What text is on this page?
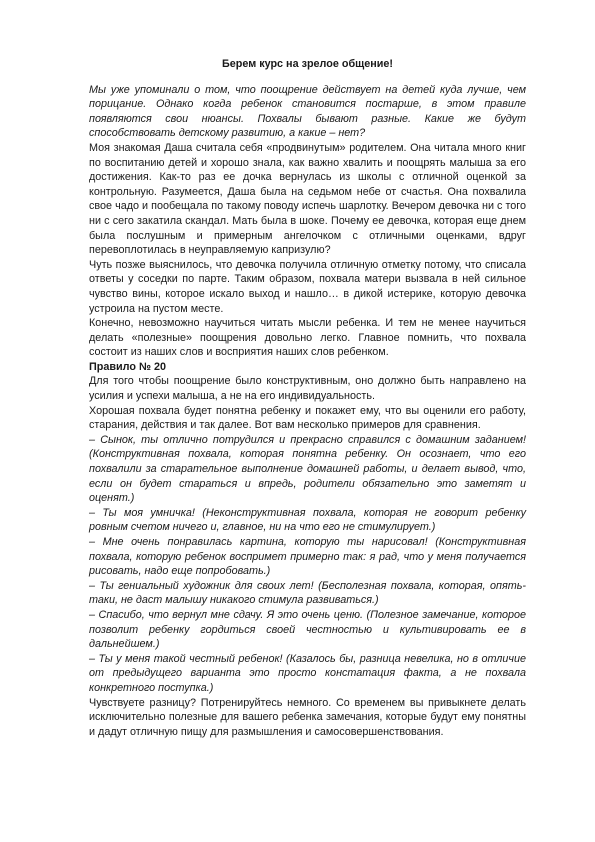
Берем курс на зрелое общение!

Мы уже упоминали о том, что поощрение действует на детей куда лучше, чем порицание. Однако когда ребенок становится постарше, в этом правиле появляются свои нюансы. Похвалы бывают разные. Какие же будут способствовать детскому развитию, а какие – нет?

Моя знакомая Даша считала себя «продвинутым» родителем. Она читала много книг по воспитанию детей и хорошо знала, как важно хвалить и поощрять малыша за его достижения. Как-то раз ее дочка вернулась из школы с отличной оценкой за контрольную. Разумеется, Даша была на седьмом небе от счастья. Она похвалила свое чадо и пообещала по такому поводу испечь шарлотку. Вечером девочка ни с того ни с сего закатила скандал. Мать была в шоке. Почему ее девочка, которая еще днем была послушным и примерным ангелочком с отличными оценками, вдруг перевоплотилась в неуправляемую капризулю?

Чуть позже выяснилось, что девочка получила отличную отметку потому, что списала ответы у соседки по парте. Таким образом, похвала матери вызвала в ней сильное чувство вины, которое искало выход и нашло… в дикой истерике, которую девочка устроила на пустом месте.

Конечно, невозможно научиться читать мысли ребенка. И тем не менее научиться делать «полезные» поощрения довольно легко. Главное помнить, что похвала состоит из наших слов и восприятия наших слов ребенком.

Правило № 20

Для того чтобы поощрение было конструктивным, оно должно быть направлено на усилия и успехи малыша, а не на его индивидуальность.

Хорошая похвала будет понятна ребенку и покажет ему, что вы оценили его работу, старания, действия и так далее. Вот вам несколько примеров для сравнения.

– Сынок, ты отлично потрудился и прекрасно справился с домашним заданием! (Конструктивная похвала, которая понятна ребенку. Он осознает, что его похвалили за старательное выполнение домашней работы, и делает вывод, что, если он будет стараться и впредь, родители обязательно это заметят и оценят.)

– Ты моя умничка! (Неконструктивная похвала, которая не говорит ребенку ровным счетом ничего и, главное, ни на что его не стимулирует.)

– Мне очень понравилась картина, которую ты нарисовал! (Конструктивная похвала, которую ребенок воспримет примерно так: я рад, что у меня получается рисовать, надо еще попробовать.)

– Ты гениальный художник для своих лет! (Бесполезная похвала, которая, опять-таки, не даст малышу никакого стимула развиваться.)

– Спасибо, что вернул мне сдачу. Я это очень ценю. (Полезное замечание, которое позволит ребенку гордиться своей честностью и культивировать ее в дальнейшем.)

– Ты у меня такой честный ребенок! (Казалось бы, разница невелика, но в отличие от предыдущего варианта это просто констатация факта, а не похвала конкретного поступка.)

Чувствуете разницу? Потренируйтесь немного. Со временем вы привыкнете делать исключительно полезные для вашего ребенка замечания, которые будут ему понятны и дадут отличную пищу для размышления и самосовершенствования.
